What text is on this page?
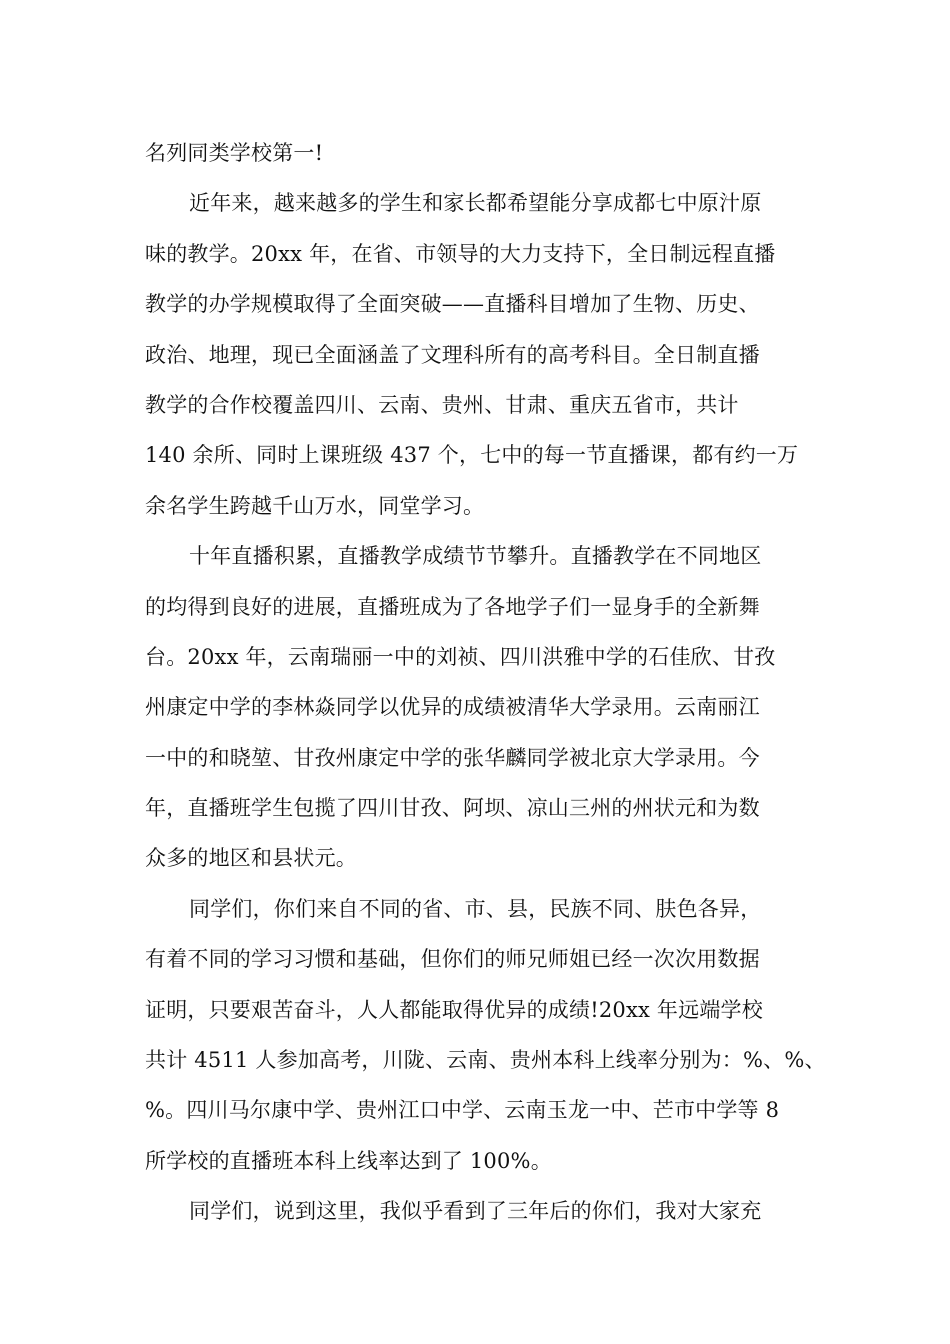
名列同类学校第一!
近年来，越来越多的学生和家长都希望能分享成都七中原汁原
味的教学。20xx 年，在省、市领导的大力支持下，全日制远程直播
教学的办学规模取得了全面突破——直播科目增加了生物、历史、
政治、地理，现已全面涵盖了文理科所有的高考科目。全日制直播
教学的合作校覆盖四川、云南、贵州、甘肃、重庆五省市，共计
140 余所、同时上课班级 437 个，七中的每一节直播课，都有约一万
余名学生跨越千山万水，同堂学习。
十年直播积累，直播教学成绩节节攀升。直播教学在不同地区
的均得到良好的进展，直播班成为了各地学子们一显身手的全新舞
台。20xx 年，云南瑞丽一中的刘祯、四川洪雅中学的石佳欣、甘孜
州康定中学的李林焱同学以优异的成绩被清华大学录用。云南丽江
一中的和晓堃、甘孜州康定中学的张华麟同学被北京大学录用。今
年，直播班学生包揽了四川甘孜、阿坝、凉山三州的州状元和为数
众多的地区和县状元。
同学们，你们来自不同的省、市、县，民族不同、肤色各异，
有着不同的学习习惯和基础，但你们的师兄师姐已经一次次用数据
证明，只要艰苦奋斗，人人都能取得优异的成绩!20xx 年远端学校
共计 4511 人参加高考，川陇、云南、贵州本科上线率分别为：%、%、
%。四川马尔康中学、贵州江口中学、云南玉龙一中、芒市中学等 8
所学校的直播班本科上线率达到了 100%。
同学们，说到这里，我似乎看到了三年后的你们，我对大家充
